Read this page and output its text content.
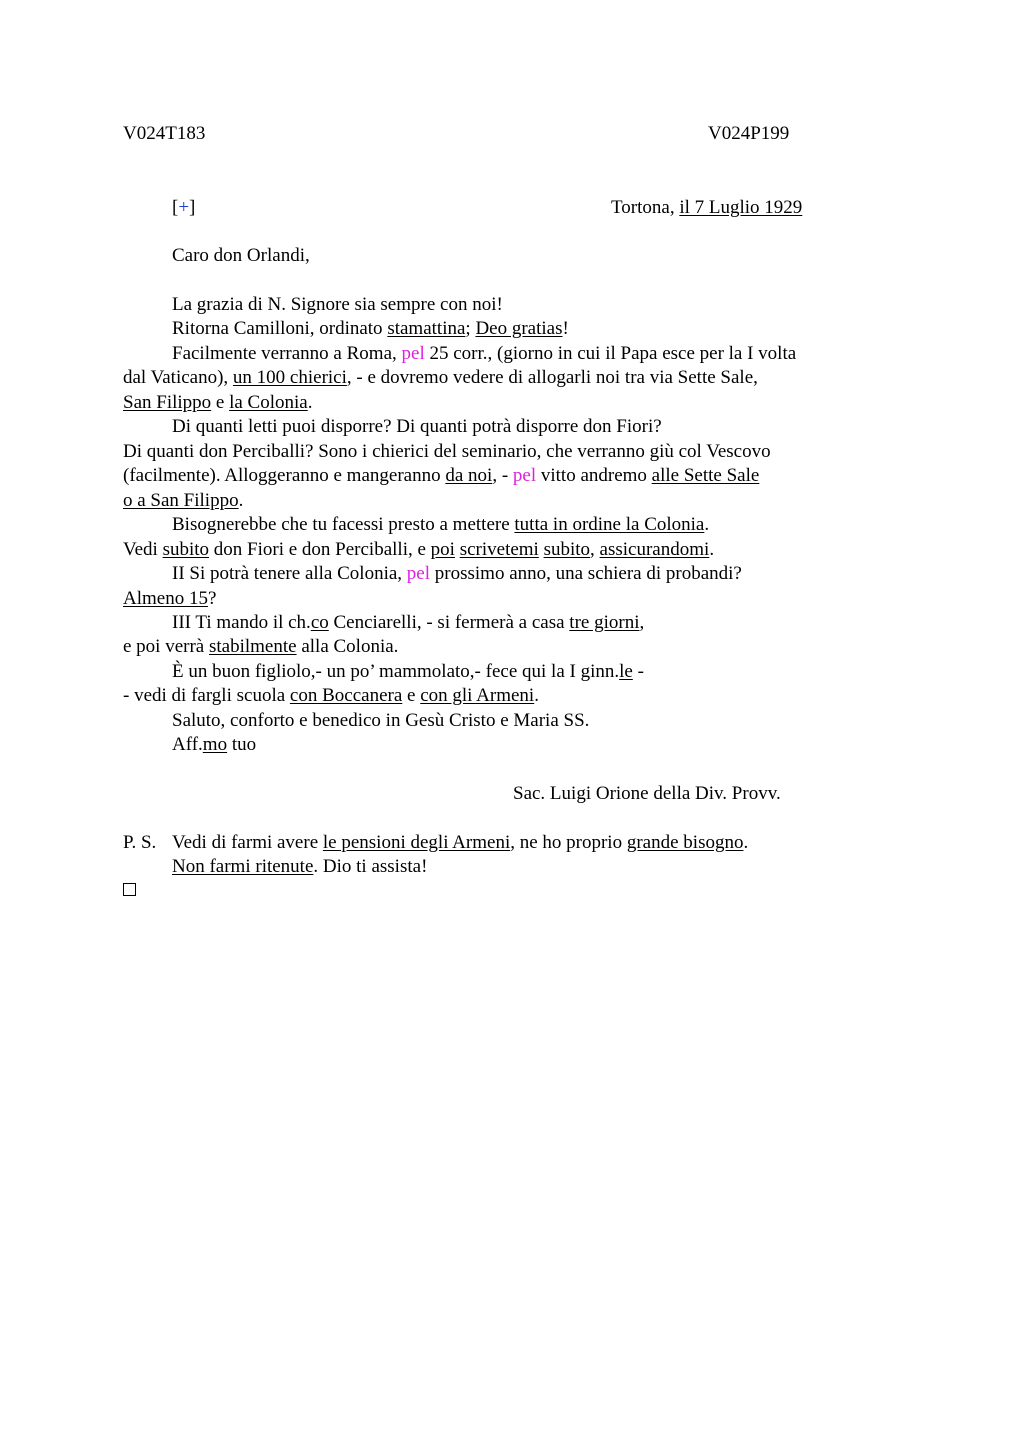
V024T183	V024P199
[+]	Tortona, il 7 Luglio 1929
Caro don Orlandi,
La grazia di N. Signore sia sempre con noi!
Ritorna Camilloni, ordinato stamattina; Deo gratias!
Facilmente verranno a Roma, pel 25 corr., (giorno in cui il Papa esce per la I volta
dal Vaticano), un 100 chierici, - e dovremo vedere di allogarli noi tra via Sette Sale,
San Filippo e la Colonia.
Di quanti letti puoi disporre? Di quanti potrà disporre don Fiori?
Di quanti don Perciballi? Sono i chierici del seminario, che verranno giù col Vescovo
(facilmente). Alloggeranno e mangeranno da noi, - pel vitto andremo alle Sette Sale
o a San Filippo.
Bisognerebbe che tu facessi presto a mettere tutta in ordine la Colonia.
Vedi subito don Fiori e don Perciballi, e poi scrivetemi subito, assicurandomi.
II Si potrà tenere alla Colonia, pel prossimo anno, una schiera di probandi?
Almeno 15?
III Ti mando il ch.co Cenciarelli, - si fermerà a casa tre giorni,
e poi verrà stabilmente alla Colonia.
È un buon figliolo,- un po’ mammolato,- fece qui la I ginn.le -
- vedi di fargli scuola con Boccanera e con gli Armeni.
Saluto, conforto e benedico in Gesù Cristo e Maria SS.
Aff.mo tuo
Sac. Luigi Orione della Div. Provv.
P. S. Vedi di farmi avere le pensioni degli Armeni, ne ho proprio grande bisogno.
Non farmi ritenute. Dio ti assista!
